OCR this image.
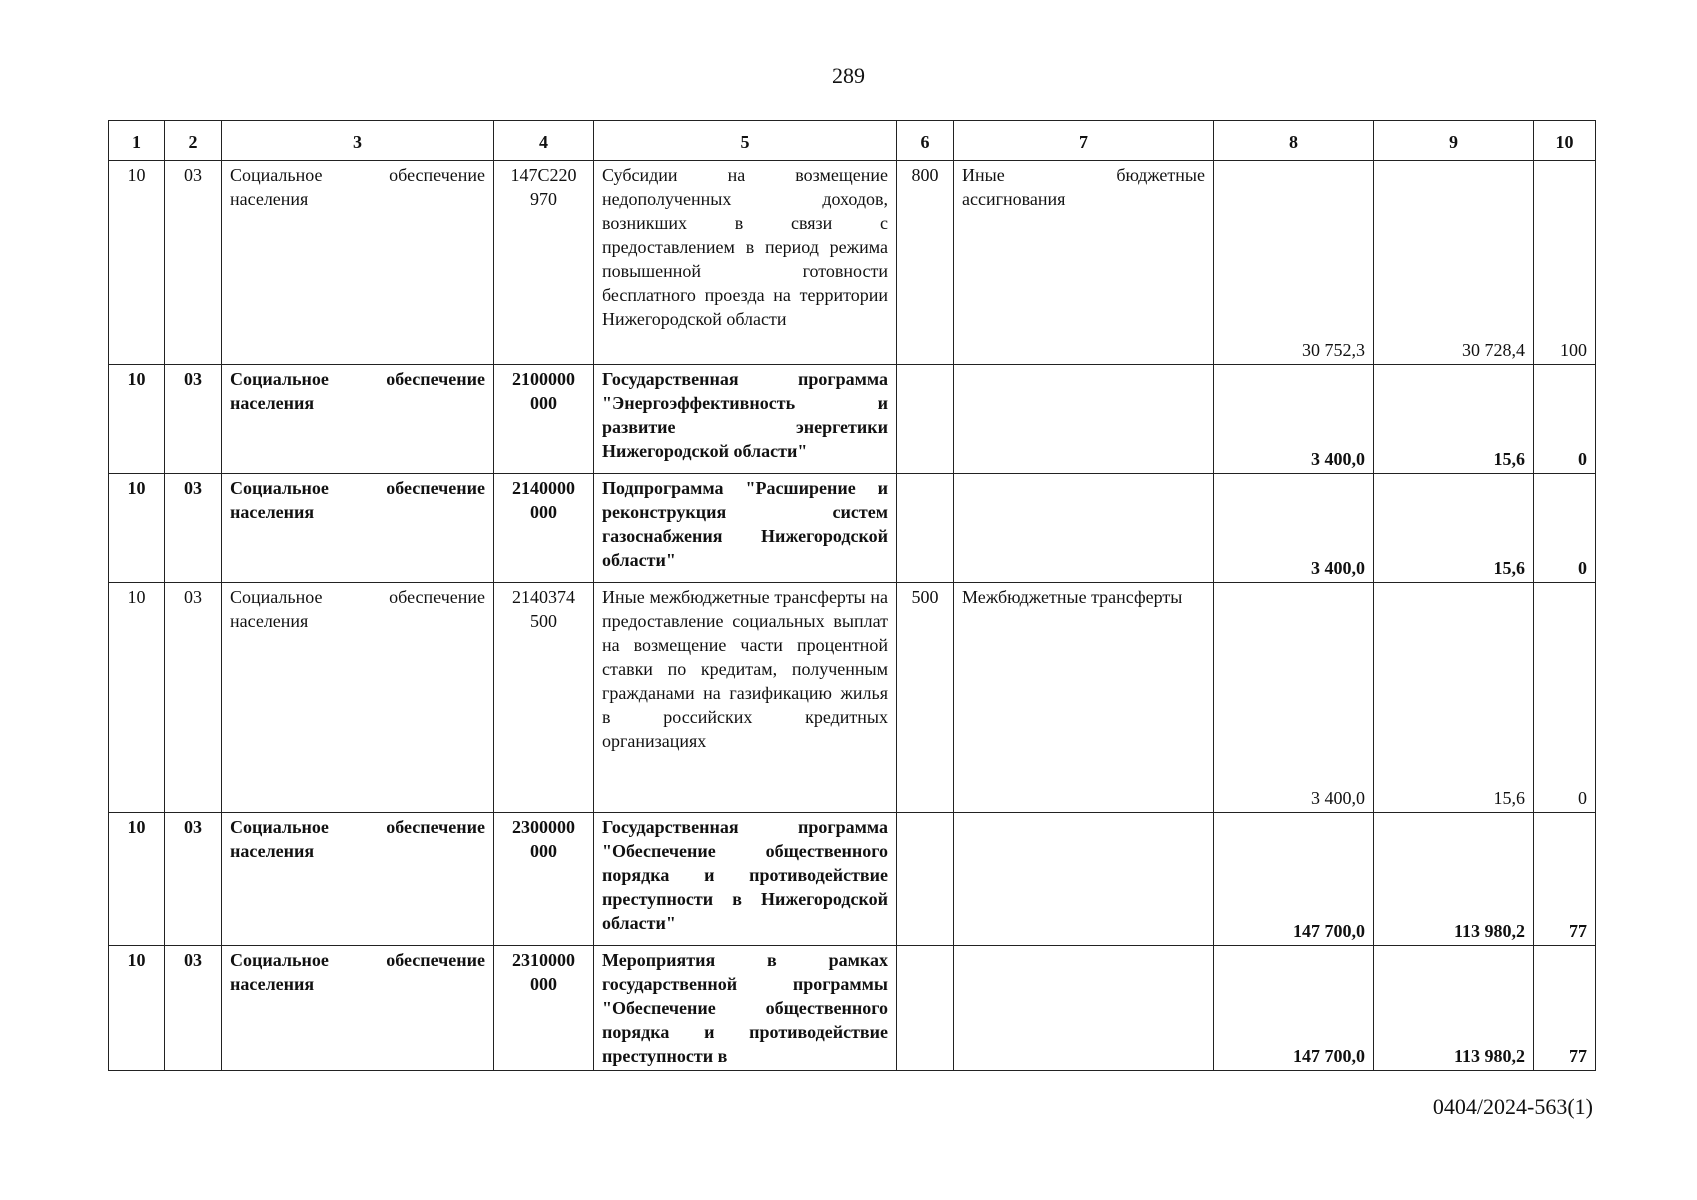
289
1	2	3	4	5	6	7	8	9	10
10	03	Социальное обеспечение населения	147С220 970	Субсидии на возмещение недополученных доходов, возникших в связи с предоставлением в период режима повышенной готовности бесплатного проезда на территории Нижегородской области	800	Иные бюджетные ассигнования	30 752,3	30 728,4	100
10	03	Социальное обеспечение населения	2100000 000	Государственная программа "Энергоэффективность и развитие энергетики Нижегородской области"			3 400,0	15,6	0
10	03	Социальное обеспечение населения	2140000 000	Подпрограмма "Расширение и реконструкция систем газоснабжения Нижегородской области"			3 400,0	15,6	0
10	03	Социальное обеспечение населения	2140374 500	Иные межбюджетные трансферты на предоставление социальных выплат на возмещение части процентной ставки по кредитам, полученным гражданами на газификацию жилья в российских кредитных организациях	500	Межбюджетные трансферты	3 400,0	15,6	0
10	03	Социальное обеспечение населения	2300000 000	Государственная программа "Обеспечение общественного порядка и противодействие преступности в Нижегородской области"			147 700,0	113 980,2	77
10	03	Социальное обеспечение населения	2310000 000	Мероприятия в рамках государственной программы "Обеспечение общественного порядка и противодействие преступности в			147 700,0	113 980,2	77
0404/2024-563(1)
